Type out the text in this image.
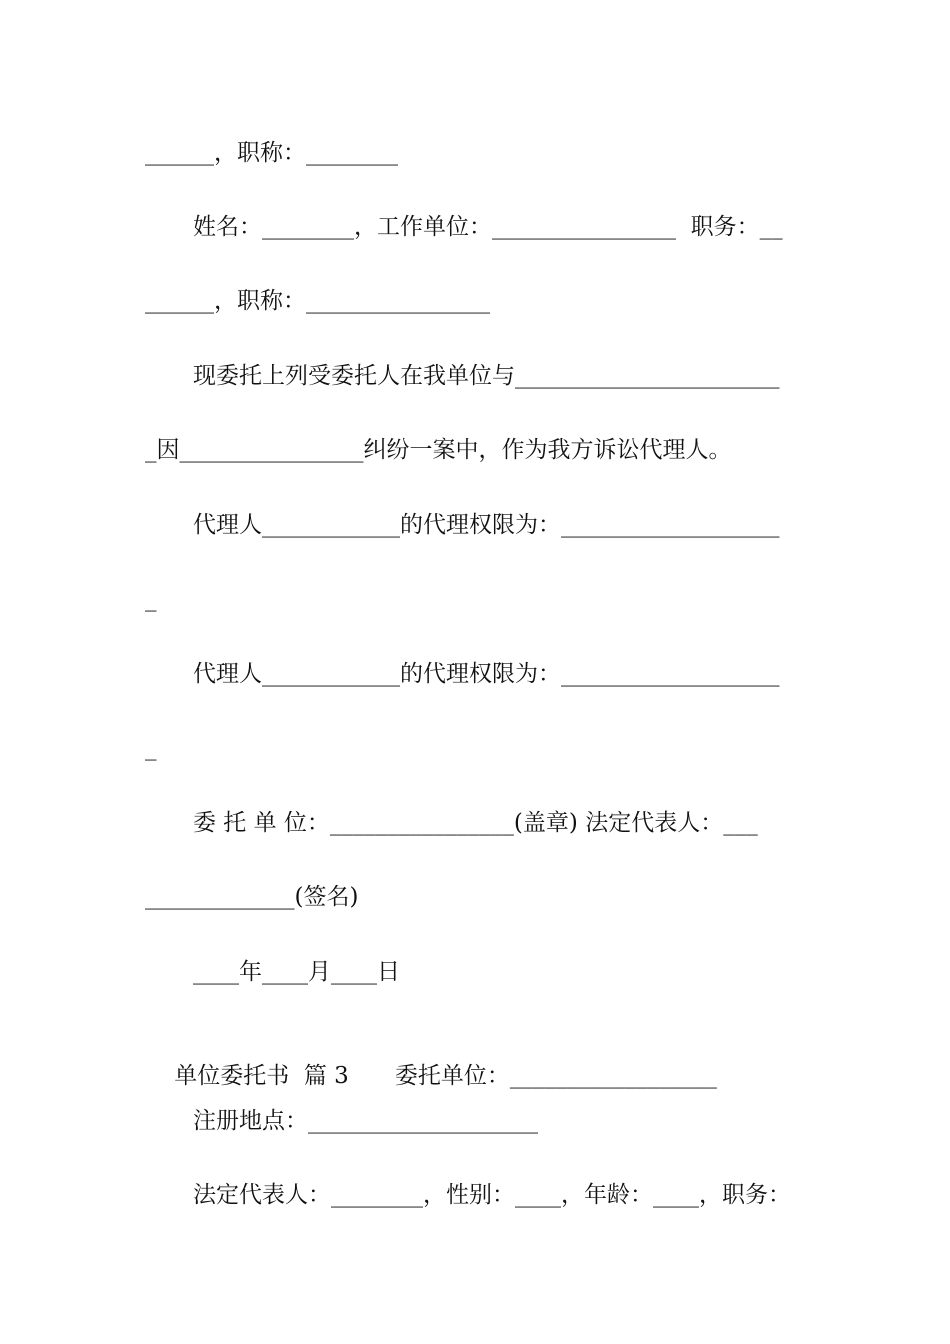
______，职称：________
姓名：________，工作单位：________________  职务：__
______，职称：________________
现委托上列受委托人在我单位与_______________________
_因________________纠纷一案中，作为我方诉讼代理人。
代理人____________的代理权限为：___________________
_
代理人____________的代理权限为：___________________
_
委 托 单 位：________________(盖章) 法定代表人：___
_____________(签名)
____年____月____日

单位委托书  篇 3 委托单位：__________________

注册地点：____________________
法定代表人：________，性别：____，年龄：____，职务：
